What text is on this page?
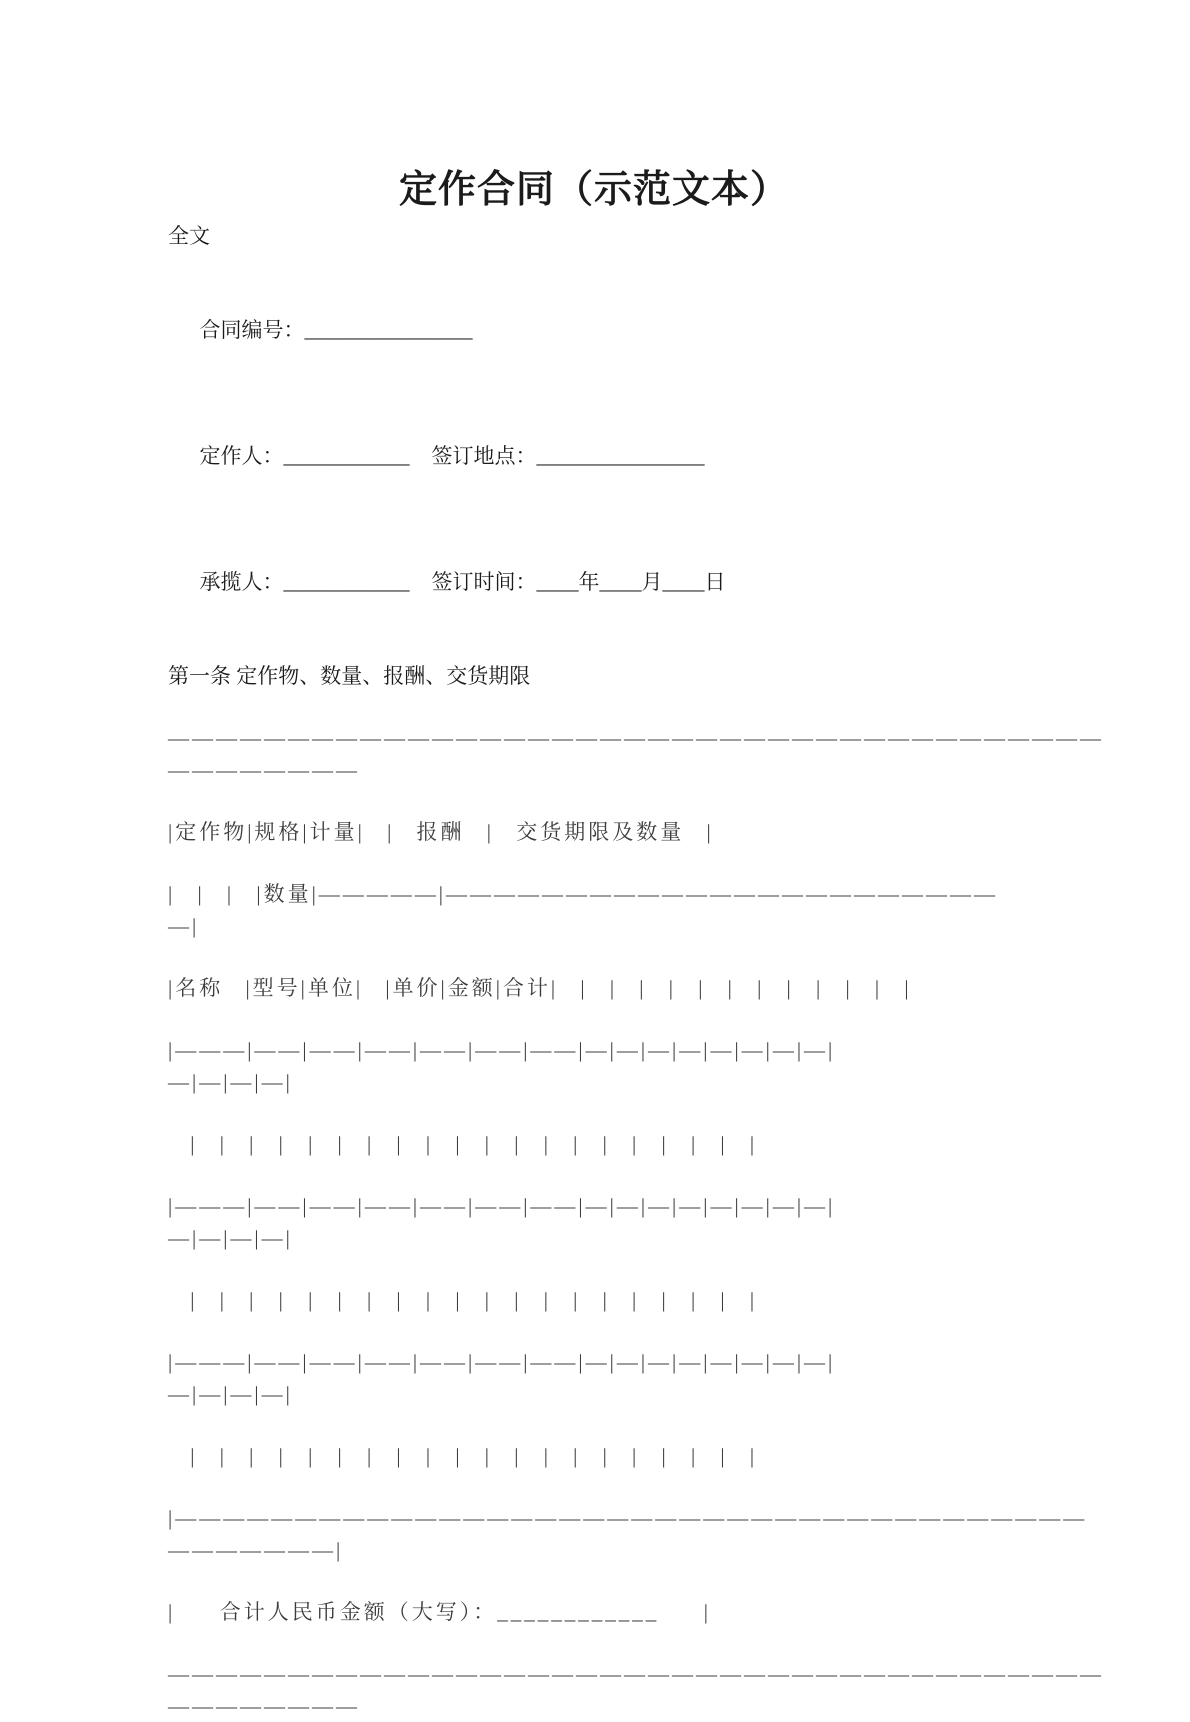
定作合同（示范文本）
全文

合同编号：________________

定作人：____________ 签订地点：________________

承揽人：____________ 签订时间：____年____月____日

第一条 定作物、数量、报酬、交货期限
———————————————————————————————————————
————————
|定作物|规格|计量| | 报酬 | 交货期限及数量 |
| | | |数量|—————|———————————————————————
—|
|名称 |型号|单位| |单价|金额|合计| | | | | | | | | | | | |
|———|——|——|——|——|——|——|—|—|—|—|—|—|—|—|
—|—|—|—|
| | | | | | | | | | | | | | | | | | | |
|———|——|——|——|——|——|——|—|—|—|—|—|—|—|—|
—|—|—|—|
| | | | | | | | | | | | | | | | | | | |
|———|——|——|——|——|——|——|—|—|—|—|—|—|—|—|
—|—|—|—|
| | | | | | | | | | | | | | | | | | | |
|——————————————————————————————————————
———————|
|  合计人民币金额（大写）：____________  |
———————————————————————————————————————
————————
